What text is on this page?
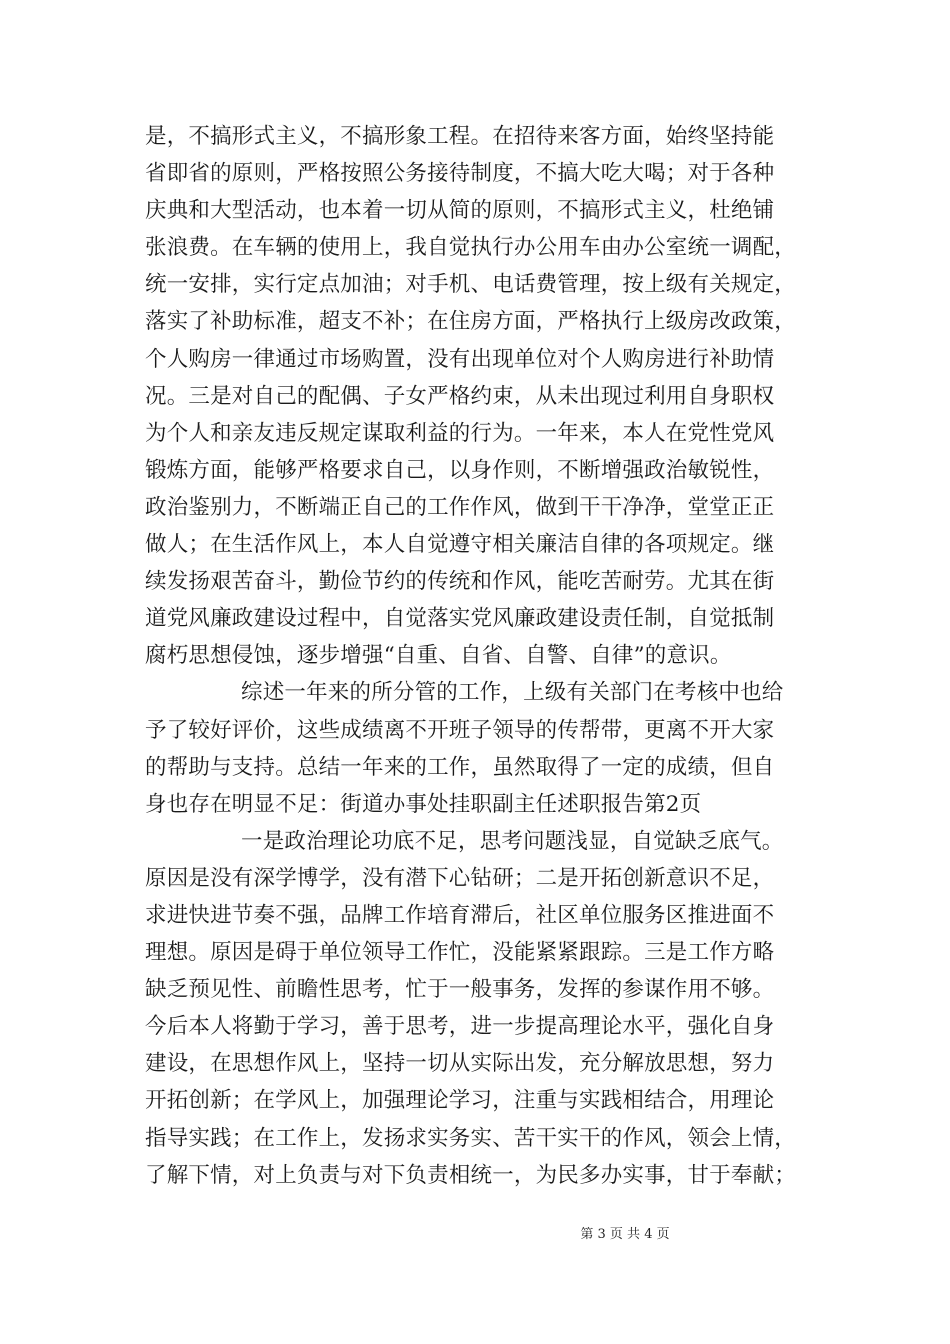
是，不搞形式主义，不搞形象工程。在招待来客方面，始终坚持能
省即省的原则，严格按照公务接待制度，不搞大吃大喝；对于各种
庆典和大型活动，也本着一切从简的原则，不搞形式主义，杜绝铺
张浪费。在车辆的使用上，我自觉执行办公用车由办公室统一调配，
统一安排，实行定点加油；对手机、电话费管理，按上级有关规定，
落实了补助标准，超支不补；在住房方面，严格执行上级房改政策，
个人购房一律通过市场购置，没有出现单位对个人购房进行补助情
况。三是对自己的配偶、子女严格约束，从未出现过利用自身职权
为个人和亲友违反规定谋取利益的行为。一年来，本人在党性党风
锻炼方面，能够严格要求自己，以身作则，不断增强政治敏锐性，
政治鉴别力，不断端正自己的工作作风，做到干干净净，堂堂正正
做人；在生活作风上，本人自觉遵守相关廉洁自律的各项规定。继
续发扬艰苦奋斗，勤俭节约的传统和作风，能吃苦耐劳。尤其在街
道党风廉政建设过程中，自觉落实党风廉政建设责任制，自觉抵制
腐朽思想侵蚀，逐步增强“自重、自省、自警、自律”的意识。
综述一年来的所分管的工作，上级有关部门在考核中也给
予了较好评价，这些成绩离不开班子领导的传帮带，更离不开大家
的帮助与支持。总结一年来的工作，虽然取得了一定的成绩，但自
身也存在明显不足：街道办事处挂职副主任述职报告第2页
一是政治理论功底不足，思考问题浅显，自觉缺乏底气。
原因是没有深学博学，没有潜下心钻研；二是开拓创新意识不足，
求进快进节奏不强，品牌工作培育滞后，社区单位服务区推进面不
理想。原因是碍于单位领导工作忙，没能紧紧跟踪。三是工作方略
缺乏预见性、前瞻性思考，忙于一般事务，发挥的参谋作用不够。
今后本人将勤于学习，善于思考，进一步提高理论水平，强化自身
建设，在思想作风上，坚持一切从实际出发，充分解放思想，努力
开拓创新；在学风上，加强理论学习，注重与实践相结合，用理论
指导实践；在工作上，发扬求实务实、苦干实干的作风，领会上情，
了解下情，对上负责与对下负责相统一，为民多办实事，甘于奉献；
第 3 页 共 4 页
